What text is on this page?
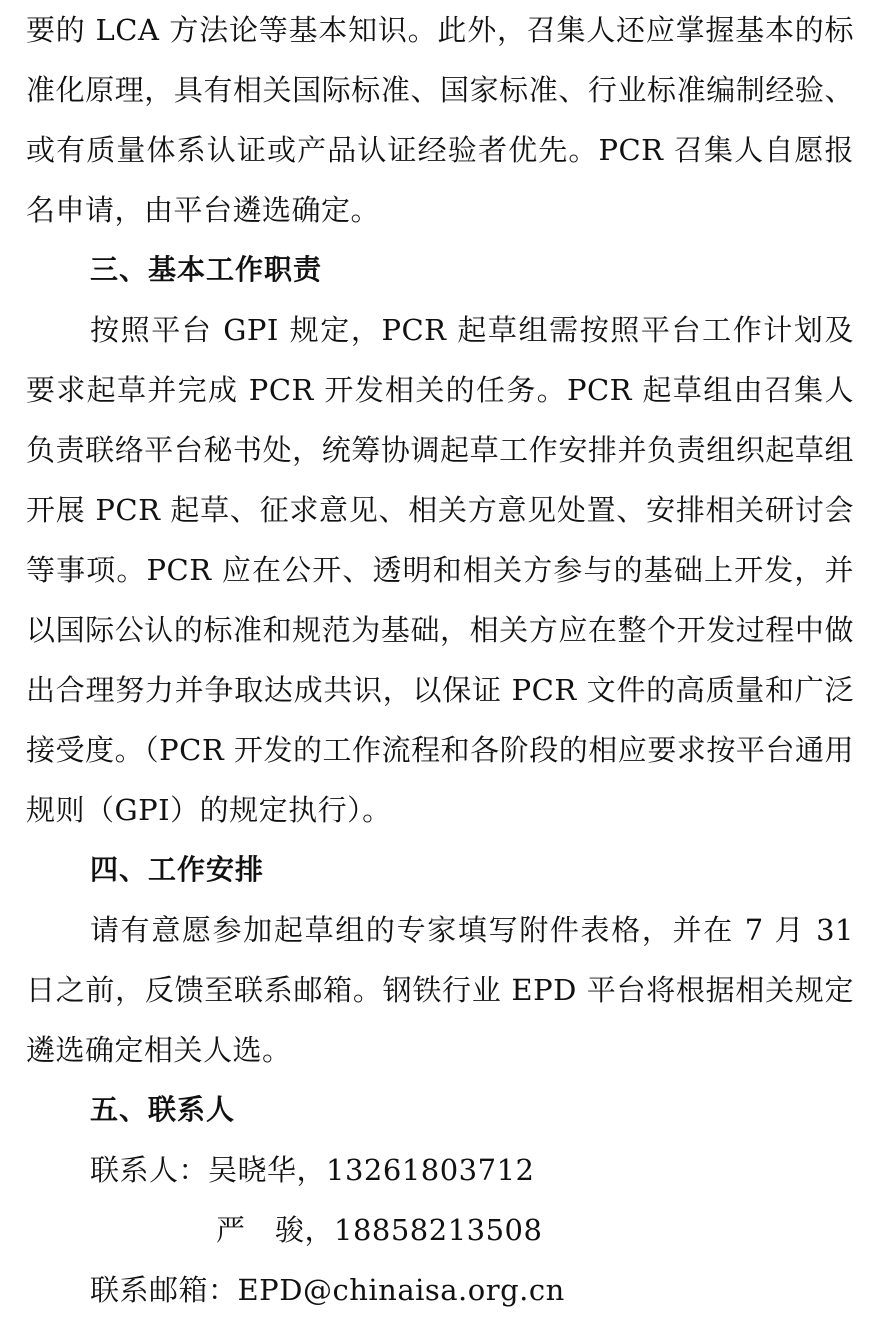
要的 LCA 方法论等基本知识。此外，召集人还应掌握基本的标准化原理，具有相关国际标准、国家标准、行业标准编制经验、或有质量体系认证或产品认证经验者优先。PCR 召集人自愿报名申请，由平台遴选确定。

三、基本工作职责

按照平台 GPI 规定，PCR 起草组需按照平台工作计划及要求起草并完成 PCR 开发相关的任务。PCR 起草组由召集人负责联络平台秘书处，统筹协调起草工作安排并负责组织起草组开展 PCR 起草、征求意见、相关方意见处置、安排相关研讨会等事项。PCR 应在公开、透明和相关方参与的基础上开发，并以国际公认的标准和规范为基础，相关方应在整个开发过程中做出合理努力并争取达成共识，以保证 PCR 文件的高质量和广泛接受度。（PCR 开发的工作流程和各阶段的相应要求按平台通用规则（GPI）的规定执行）。

四、工作安排

请有意愿参加起草组的专家填写附件表格，并在 7 月 31 日之前，反馈至联系邮箱。钢铁行业 EPD 平台将根据相关规定遴选确定相关人选。

五、联系人

联系人：吴晓华，13261803712

严　骏，18858213508

联系邮箱：EPD@chinaisa.org.cn
